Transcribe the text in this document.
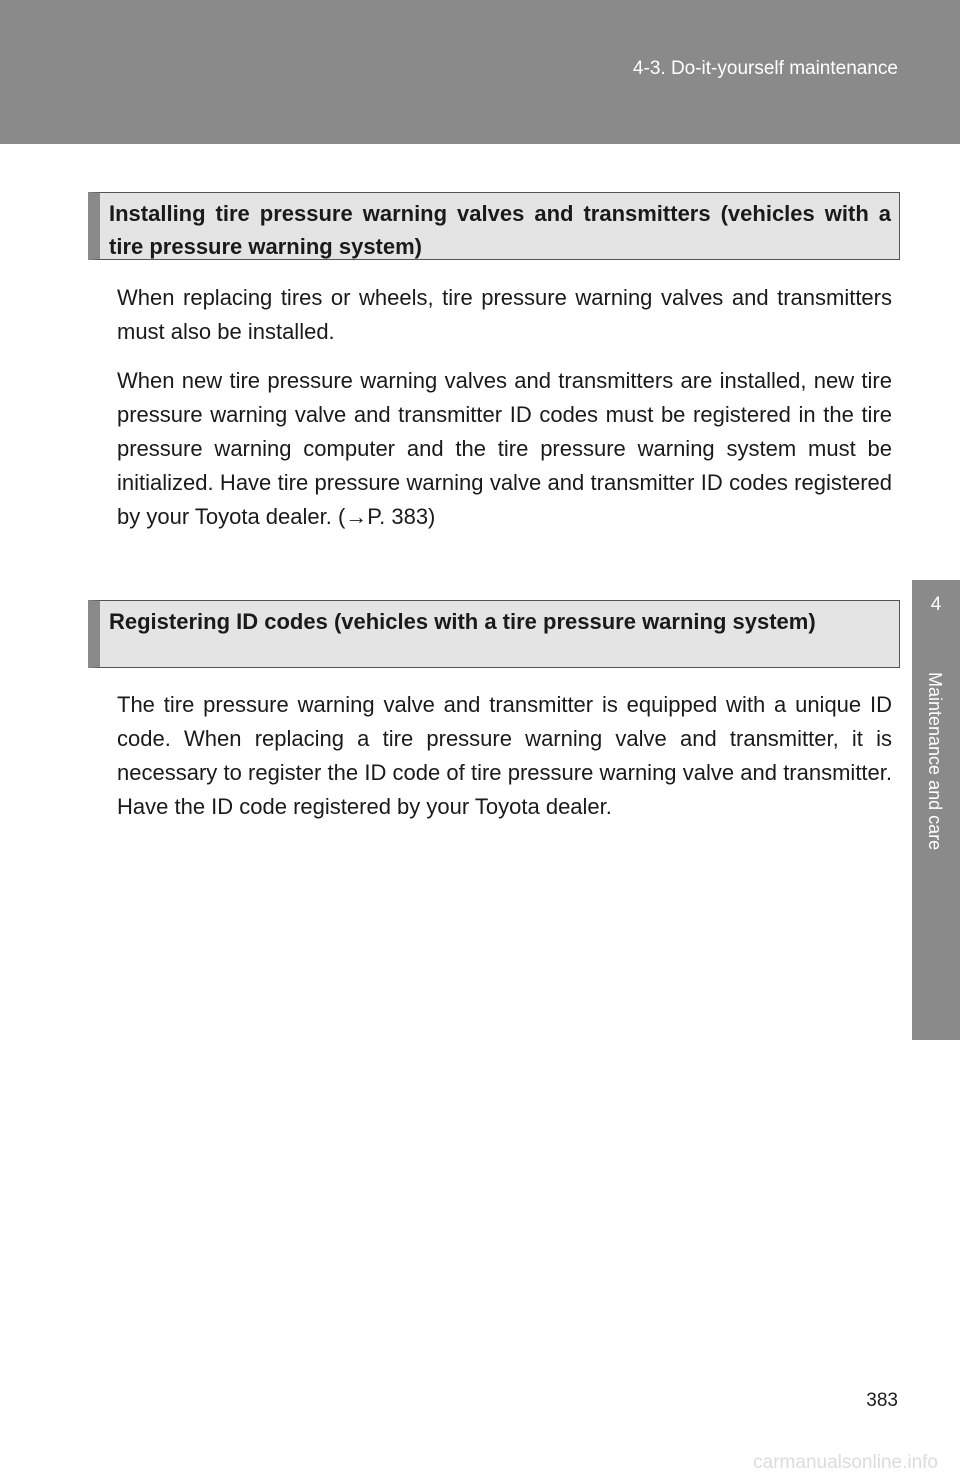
4-3. Do-it-yourself maintenance
4
Maintenance and care
Installing tire pressure warning valves and transmitters (vehicles with a tire pressure warning system)

When replacing tires or wheels, tire pressure warning valves and transmitters must also be installed.

When new tire pressure warning valves and transmitters are installed, new tire pressure warning valve and transmitter ID codes must be registered in the tire pressure warning computer and the tire pressure warning system must be initialized. Have tire pressure warning valve and transmitter ID codes registered by your Toyota dealer. (→P. 383)

Registering ID codes (vehicles with a tire pressure warning system)

The tire pressure warning valve and transmitter is equipped with a unique ID code. When replacing a tire pressure warning valve and transmitter, it is necessary to register the ID code of tire pressure warning valve and transmitter. Have the ID code registered by your Toyota dealer.

383
carmanualsonline.info
